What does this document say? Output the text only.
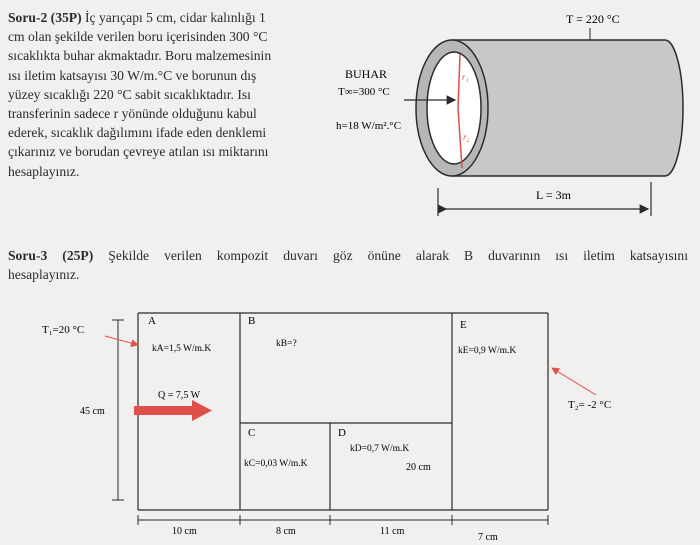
Soru-2 (35P) İç yarıçapı 5 cm, cidar kalınlığı 1
cm olan şekilde verilen boru içerisinden 300 °C
sıcaklıkta buhar akmaktadır. Boru malzemesinin
ısı iletim katsayısı 30 W/m.°C ve borunun dış
yüzey sıcaklığı 220 °C sabit sıcaklıktadır. Isı
transferinin sadece r yönünde olduğunu kabul
ederek, sıcaklık dağılımını ifade eden denklemi
çıkarınız ve borudan çevreye atılan ısı miktarını
hesaplayınız.
Soru-3 (25P) Şekilde verilen kompozit duvarı göz önüne alarak B duvarının ısı iletim katsayısını
hesaplayınız.
T = 220 °C
r₁
r₂
BUHAR
T∞=300 °C
h=18 W/m².°C
L = 3m
45 cm
T₁=20 °C
A	B
C	D
E
kA=1,5 W/m.K	kB=?
kC=0,03 W/m.K
kD=0,7 W/m.K
kE=0,9 W/m.K
Q = 7,5 W
T₂= -2 °C
20 cm
10 cm	8 cm	11 cm
7 cm
